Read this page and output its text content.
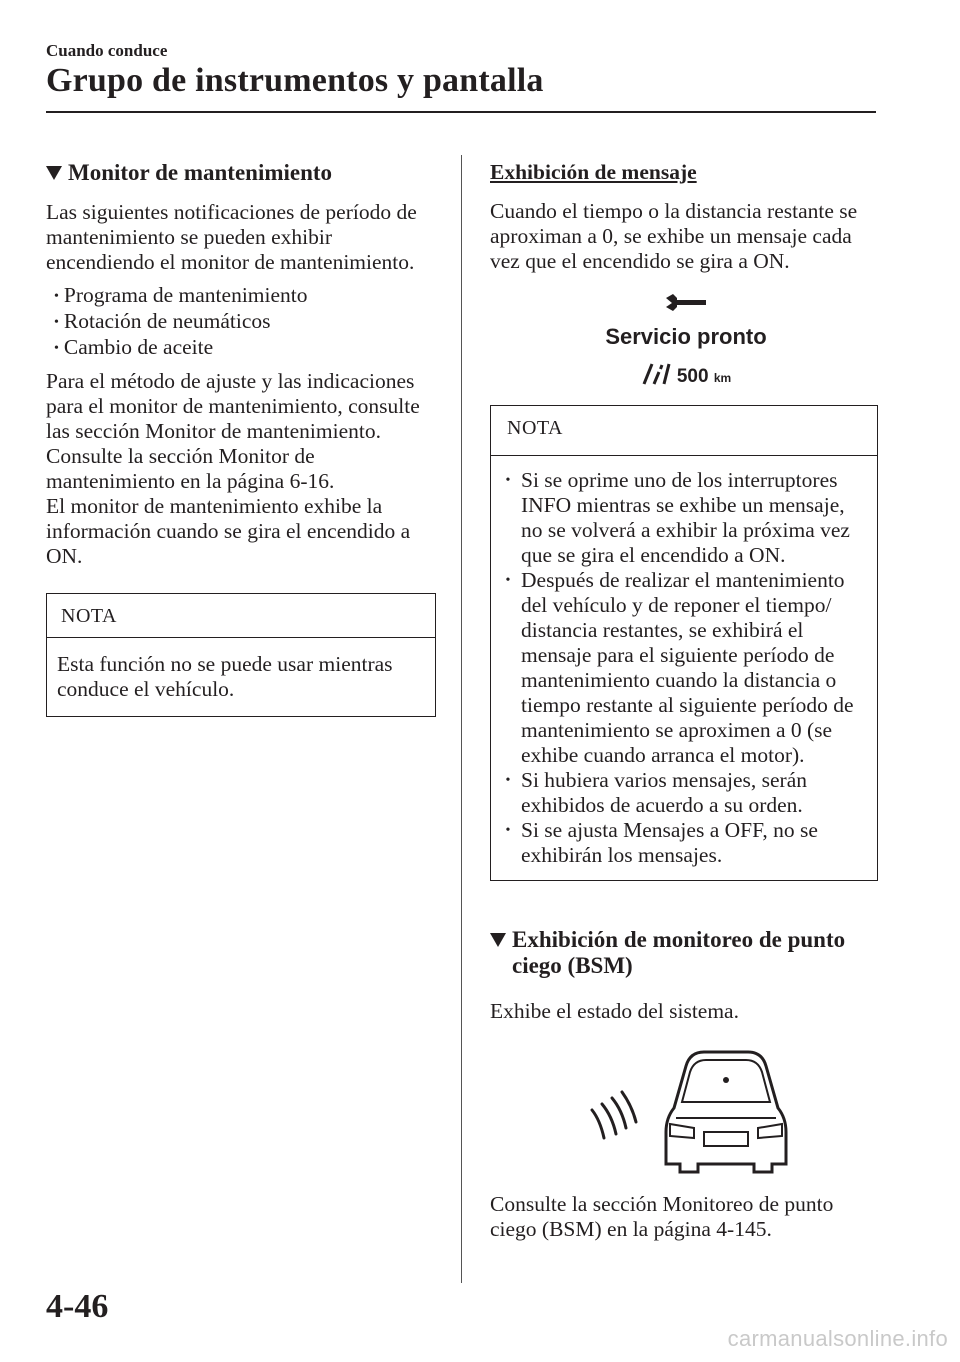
Cuando conduce
Grupo de instrumentos y pantalla
Monitor de mantenimiento

Las siguientes notificaciones de período de mantenimiento se pueden exhibir encendiendo el monitor de mantenimiento.

• Programa de mantenimiento
• Rotación de neumáticos
• Cambio de aceite

Para el método de ajuste y las indicaciones para el monitor de mantenimiento, consulte las sección Monitor de mantenimiento.

Consulte la sección Monitor de mantenimiento en la página 6-16.

El monitor de mantenimiento exhibe la información cuando se gira el encendido a ON.

NOTA
Esta función no se puede usar mientras conduce el vehículo.
Exhibición de mensaje

Cuando el tiempo o la distancia restante se aproximan a 0, se exhibe un mensaje cada vez que el encendido se gira a ON.

Servicio pronto
500 km
NOTA
• Si se oprime uno de los interruptores INFO mientras se exhibe un mensaje, no se volverá a exhibir la próxima vez que se gira el encendido a ON.
• Después de realizar el mantenimiento del vehículo y de reponer el tiempo/ distancia restantes, se exhibirá el mensaje para el siguiente período de mantenimiento cuando la distancia o tiempo restante al siguiente período de mantenimiento se aproximen a 0 (se exhibe cuando arranca el motor).
• Si hubiera varios mensajes, serán exhibidos de acuerdo a su orden.
• Si se ajusta Mensajes a OFF, no se exhibirán los mensajes.
Exhibición de monitoreo de punto ciego (BSM)

Exhibe el estado del sistema.

Consulte la sección Monitoreo de punto ciego (BSM) en la página 4-145.

4-46
carmanualsonline.info
